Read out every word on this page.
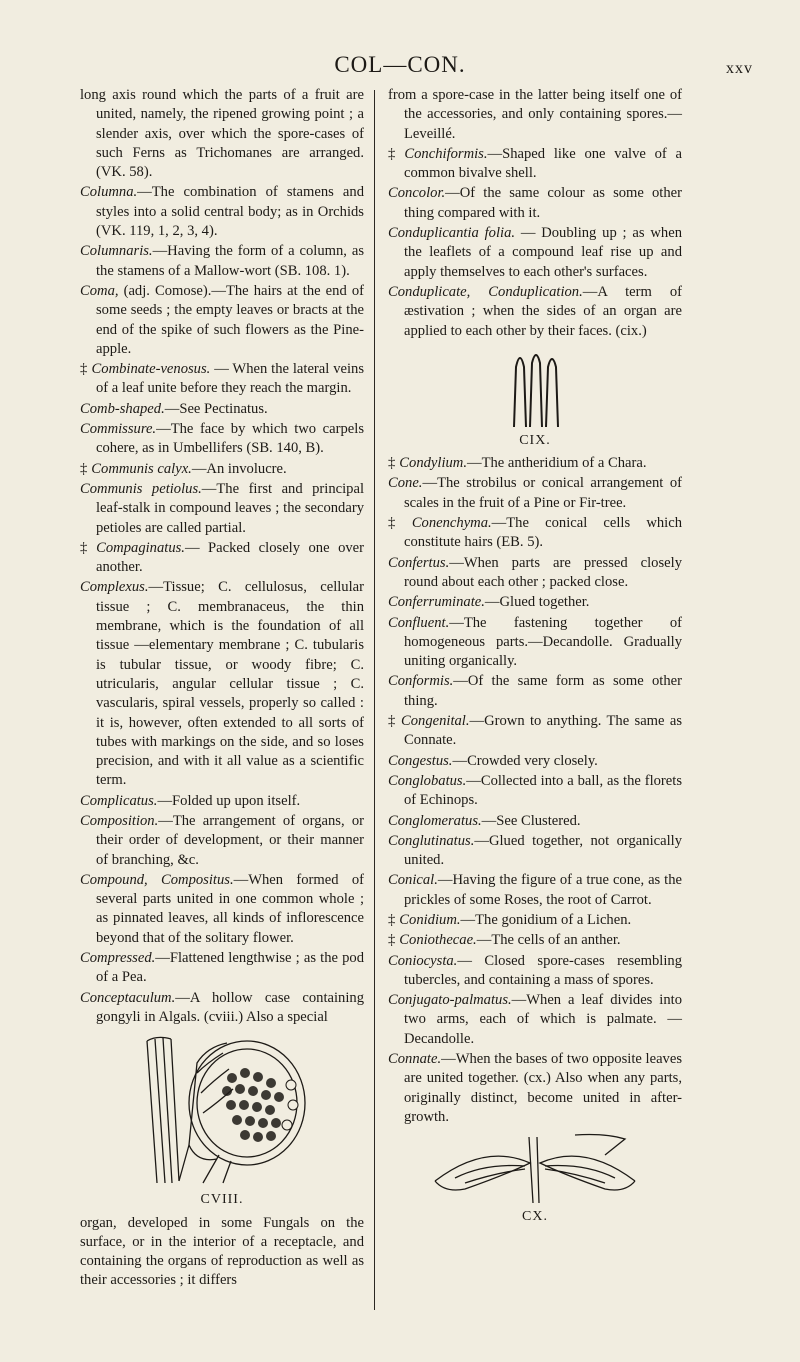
COL—CON.	xxv

long axis round which the parts of a fruit are united, namely, the ripened growing point ; a slender axis, over which the spore-cases of such Ferns as Trichomanes are arranged. (VK. 58).

Columna.—The combination of stamens and styles into a solid central body; as in Orchids (VK. 119, 1, 2, 3, 4).

Columnaris.—Having the form of a column, as the stamens of a Mallow-wort (SB. 108. 1).

Coma, (adj. Comose).—The hairs at the end of some seeds ; the empty leaves or bracts at the end of the spike of such flowers as the Pine-apple.

‡ Combinate-venosus. — When the lateral veins of a leaf unite before they reach the margin.

Comb-shaped.—See Pectinatus.

Commissure.—The face by which two carpels cohere, as in Umbellifers (SB. 140, B).

‡ Communis calyx.—An involucre.

Communis petiolus.—The first and principal leaf-stalk in compound leaves ; the secondary petioles are called partial.

‡ Compaginatus.— Packed closely one over another.

Complexus.—Tissue; C. cellulosus, cellular tissue ; C. membranaceus, the thin membrane, which is the foundation of all tissue —elementary membrane ; C. tubularis is tubular tissue, or woody fibre; C. utricularis, angular cellular tissue ; C. vascularis, spiral vessels, properly so called : it is, however, often extended to all sorts of tubes with markings on the side, and so loses precision, and with it all value as a scientific term.

Complicatus.—Folded up upon itself.

Composition.—The arrangement of organs, or their order of development, or their manner of branching, &c.

Compound, Compositus.—When formed of several parts united in one common whole ; as pinnated leaves, all kinds of inflorescence beyond that of the solitary flower.

Compressed.—Flattened lengthwise ; as the pod of a Pea.

Conceptaculum.—A hollow case containing gongyli in Algals. (cviii.) Also a special

CVIII.

organ, developed in some Fungals on the surface, or in the interior of a receptacle, and containing the organs of reproduction as well as their accessories ; it differs

from a spore-case in the latter being itself one of the accessories, and only containing spores.—Leveillé.

‡ Conchiformis.—Shaped like one valve of a common bivalve shell.

Concolor.—Of the same colour as some other thing compared with it.

Conduplicantia folia. — Doubling up ; as when the leaflets of a compound leaf rise up and apply themselves to each other's surfaces.

Conduplicate, Conduplication.—A term of æstivation ; when the sides of an organ are applied to each other by their faces. (cix.)

CIX.

‡ Condylium.—The antheridium of a Chara.

Cone.—The strobilus or conical arrangement of scales in the fruit of a Pine or Fir-tree.

‡ Conenchyma.—The conical cells which constitute hairs (EB. 5).

Confertus.—When parts are pressed closely round about each other ; packed close.

Conferruminate.—Glued together.

Confluent.—The fastening together of homogeneous parts.—Decandolle. Gradually uniting organically.

Conformis.—Of the same form as some other thing.

‡ Congenital.—Grown to anything. The same as Connate.

Congestus.—Crowded very closely.

Conglobatus.—Collected into a ball, as the florets of Echinops.

Conglomeratus.—See Clustered.

Conglutinatus.—Glued together, not organically united.

Conical.—Having the figure of a true cone, as the prickles of some Roses, the root of Carrot.

‡ Conidium.—The gonidium of a Lichen.

‡ Coniothecae.—The cells of an anther.

Coniocysta.— Closed spore-cases resembling tubercles, and containing a mass of spores.

Conjugato-palmatus.—When a leaf divides into two arms, each of which is palmate. —Decandolle.

Connate.—When the bases of two opposite leaves are united together. (cx.) Also when any parts, originally distinct, become united in after-growth.

CX.
